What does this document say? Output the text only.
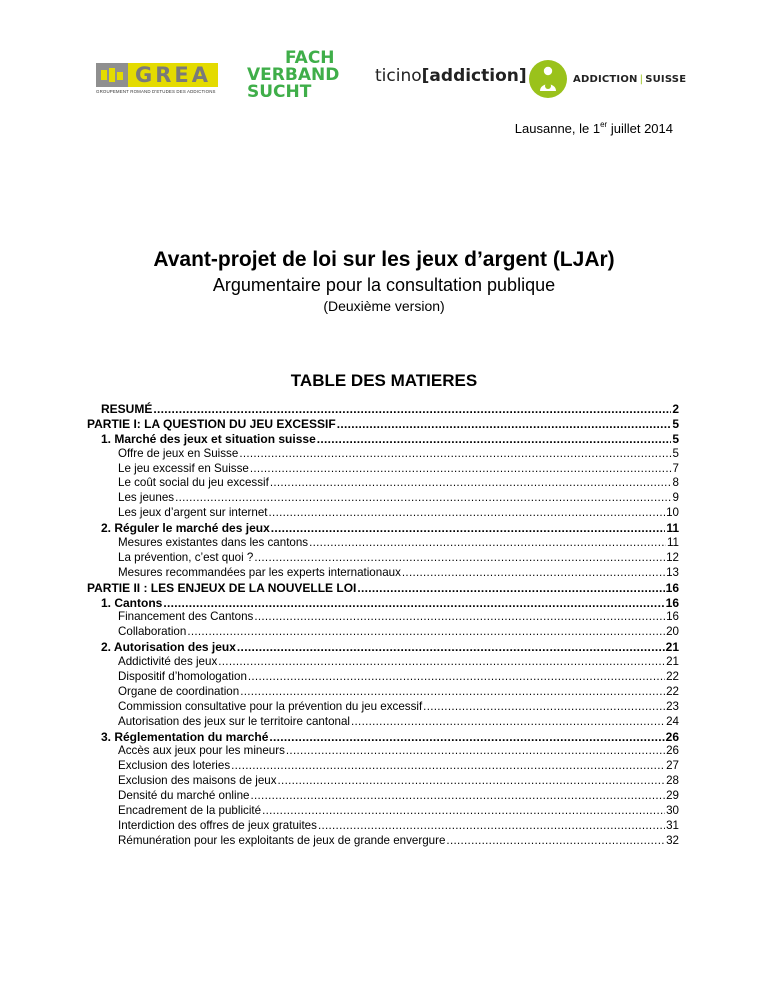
GREA
GROUPEMENT ROMAND D'ETUDES DES ADDICTIONS
FACH
VERBAND
SUCHT
ticino[addiction]	ADDICTION | SUISSE
Lausanne, le 1er juillet 2014
Avant-projet de loi sur les jeux d’argent (LJAr)
Argumentaire pour la consultation publique
(Deuxième version)
TABLE DES MATIERES
RESUMÉ .....	2
PARTIE I: LA QUESTION DU JEU EXCESSIF .....	5
1. Marché des jeux et situation suisse .....	5
Offre de jeux en Suisse .....	5
Le jeu excessif en Suisse .....	7
Le coût social du jeu excessif .....	8
Les jeunes .....	9
Les jeux d’argent sur internet .....	10
2. Réguler le marché des jeux .....	11
Mesures existantes dans les cantons .....	11
La prévention, c’est quoi ? .....	12
Mesures recommandées par les experts internationaux .....	13
PARTIE II : LES ENJEUX DE LA NOUVELLE LOI .....	16
1. Cantons .....	16
Financement des Cantons .....	16
Collaboration .....	20
2. Autorisation des jeux .....	21
Addictivité des jeux .....	21
Dispositif d’homologation .....	22
Organe de coordination .....	22
Commission consultative pour la prévention du jeu excessif .....	23
Autorisation des jeux sur le territoire cantonal .....	24
3. Réglementation du marché .....	26
Accès aux jeux pour les mineurs .....	26
Exclusion des loteries .....	27
Exclusion des maisons de jeux .....	28
Densité du marché online .....	29
Encadrement de la publicité .....	30
Interdiction des offres de jeux gratuites .....	31
Rémunération pour les exploitants de jeux de grande envergure .....	32
